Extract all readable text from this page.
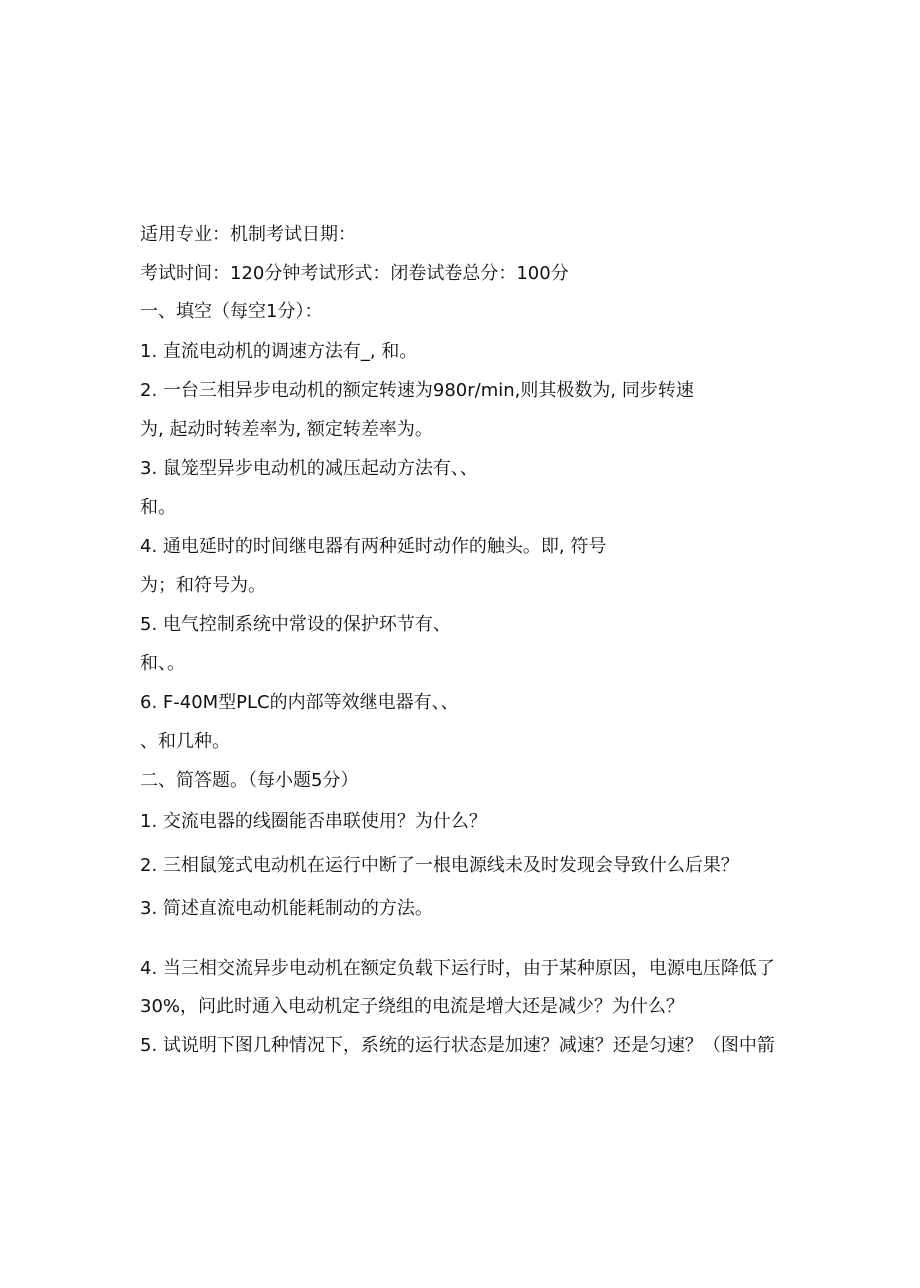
适用专业：机制考试日期：
考试时间：120分钟考试形式：闭卷试卷总分：100分
一、填空（每空1分）：
1. 直流电动机的调速方法有_, 和。
2. 一台三相异步电动机的额定转速为980r/min,则其极数为, 同步转速
为, 起动时转差率为, 额定转差率为。
3. 鼠笼型异步电动机的减压起动方法有、、
和。
4. 通电延时的时间继电器有两种延时动作的触头。即, 符号
为；和符号为。
5. 电气控制系统中常设的保护环节有、
和、。
6. F-40M型PLC的内部等效继电器有、、
、和几种。
二、简答题。（每小题5分）
1. 交流电器的线圈能否串联使用？为什么？
2. 三相鼠笼式电动机在运行中断了一根电源线未及时发现会导致什么后果？
3. 简述直流电动机能耗制动的方法。
4. 当三相交流异步电动机在额定负载下运行时，由于某种原因，电源电压降低了
30%，问此时通入电动机定子绕组的电流是增大还是减少？为什么？
5. 试说明下图几种情况下，系统的运行状态是加速？减速？还是匀速？（图中箭
